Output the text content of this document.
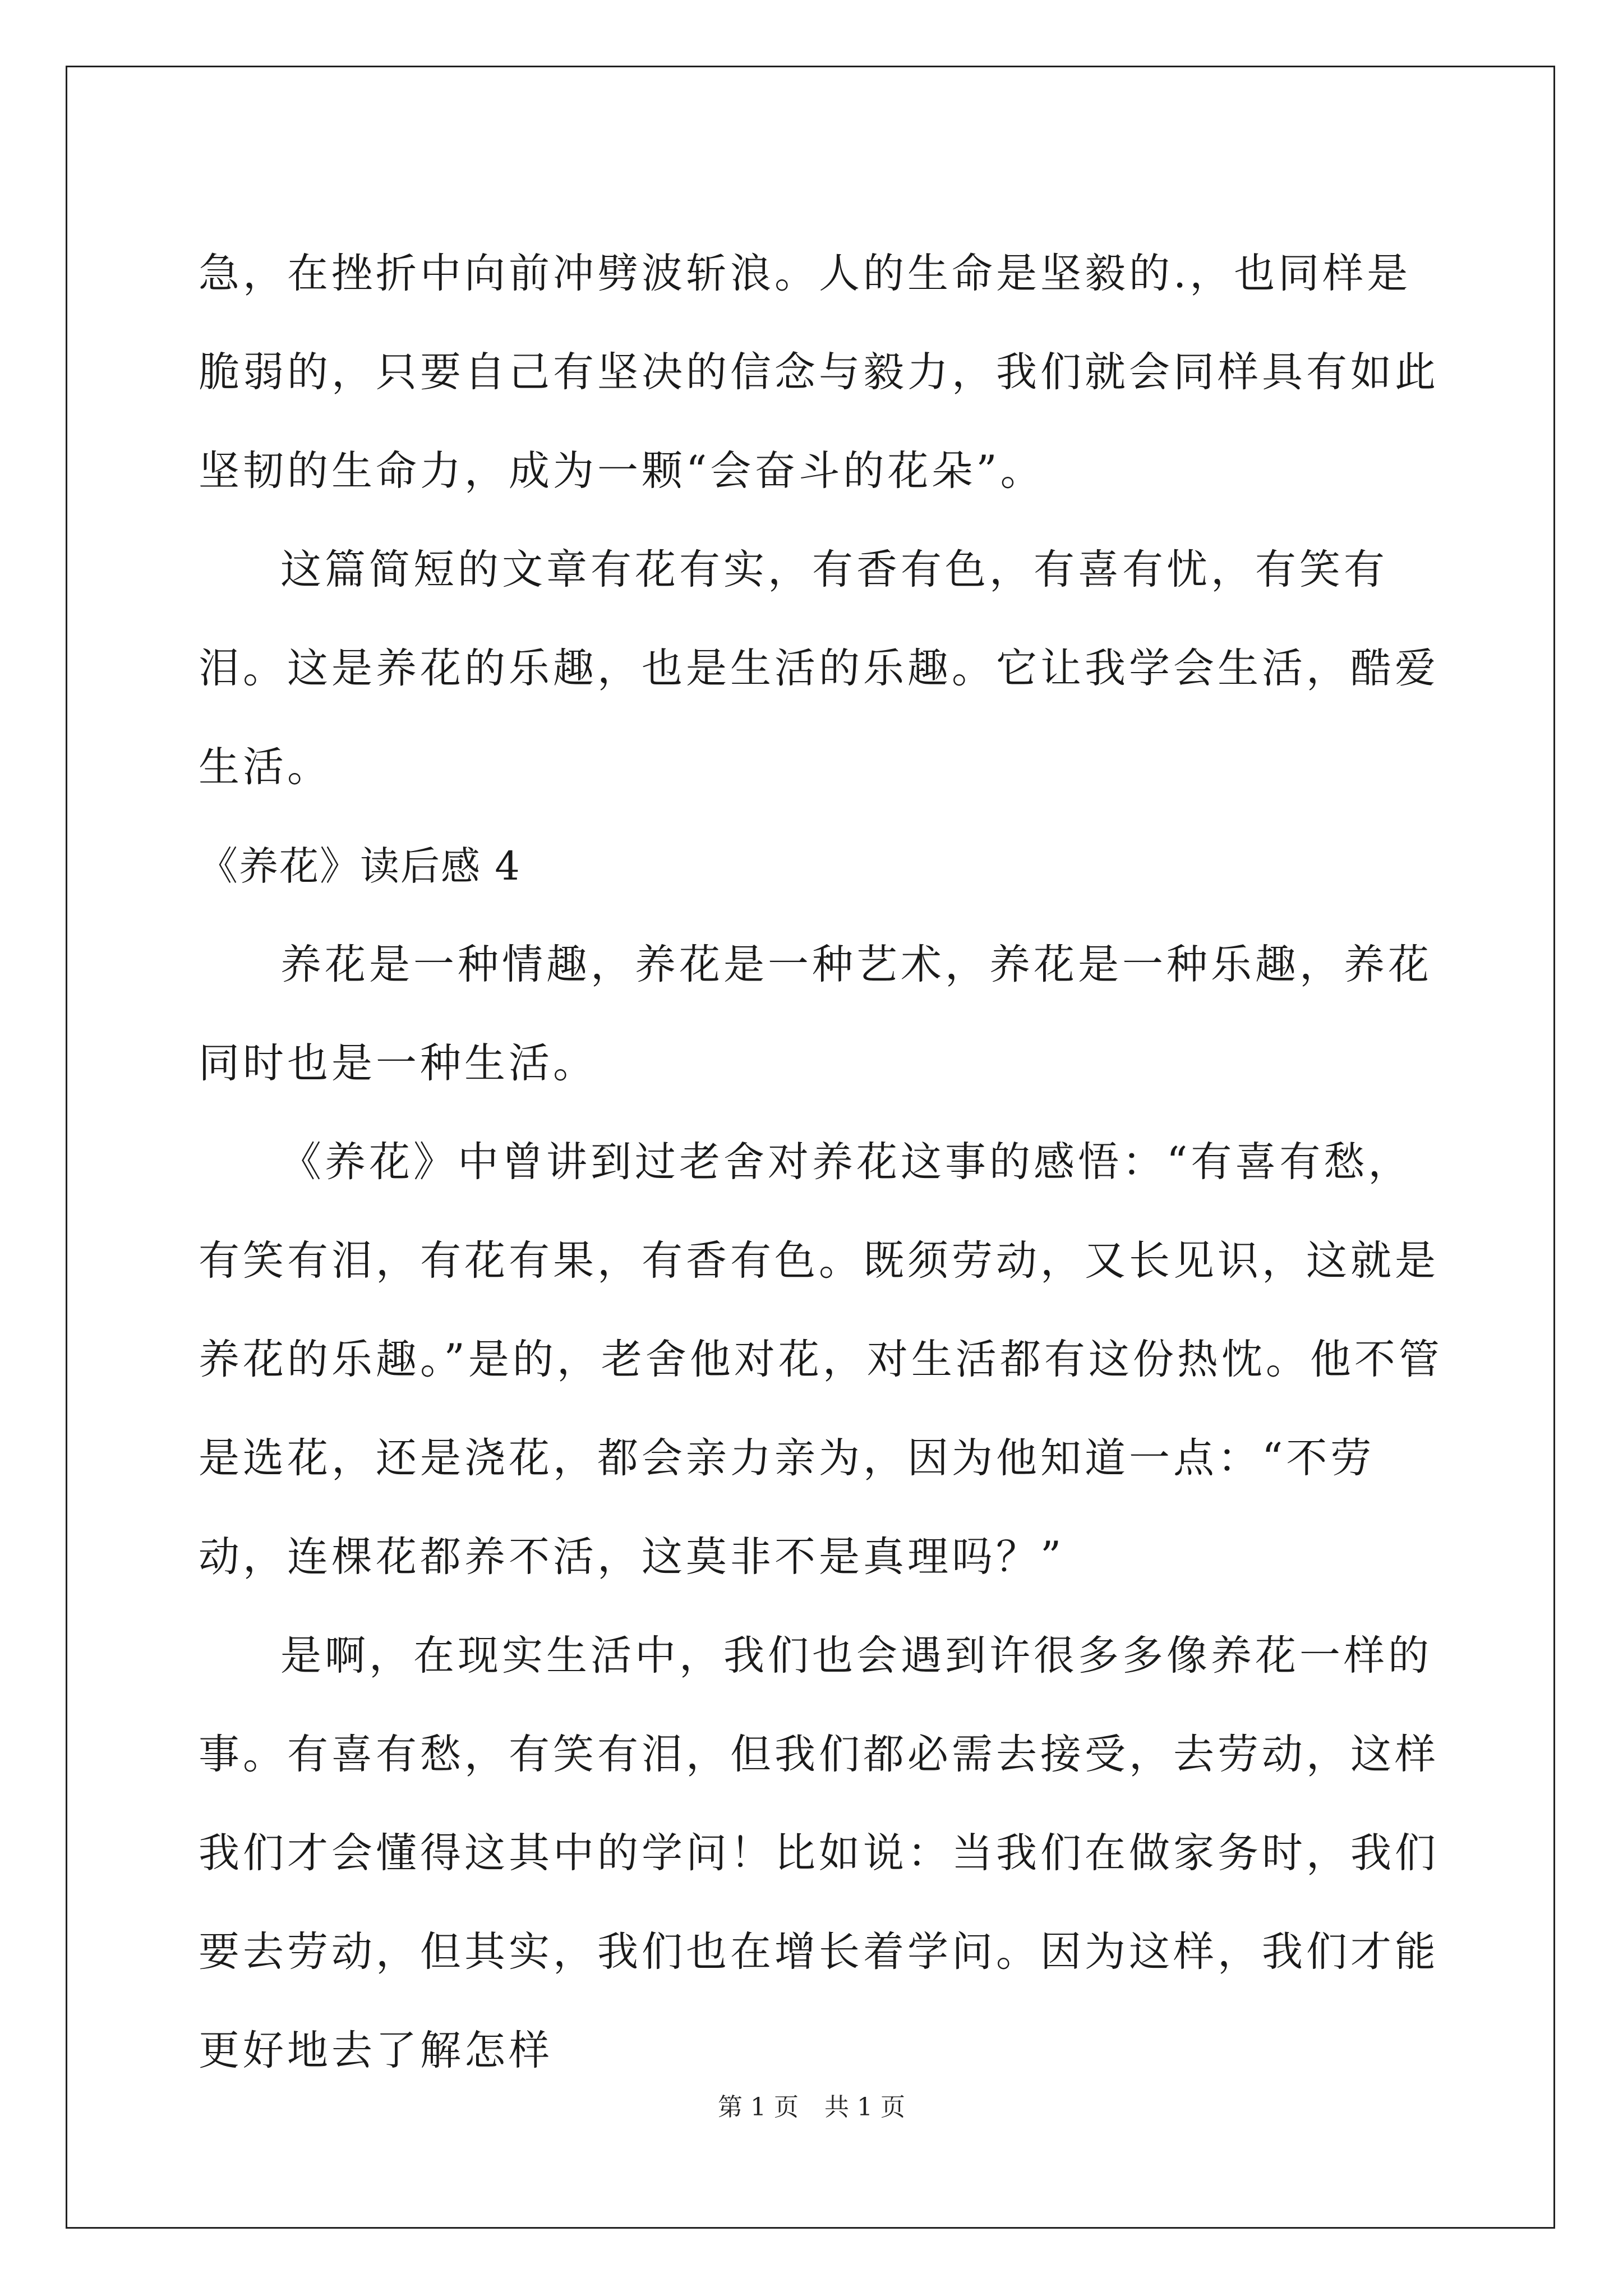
急，在挫折中向前冲劈波斩浪。人的生命是坚毅的.，也同样是脆弱的，只要自己有坚决的信念与毅力，我们就会同样具有如此坚韧的生命力，成为一颗“会奋斗的花朵”。

这篇简短的文章有花有实，有香有色，有喜有忧，有笑有泪。这是养花的乐趣，也是生活的乐趣。它让我学会生活，酷爱生活。

《养花》读后感 4

养花是一种情趣，养花是一种艺术，养花是一种乐趣，养花同时也是一种生活。

《养花》中曾讲到过老舍对养花这事的感悟：“有喜有愁，有笑有泪，有花有果，有香有色。既须劳动，又长见识，这就是养花的乐趣。”是的，老舍他对花，对生活都有这份热忱。他不管是选花，还是浇花，都会亲力亲为，因为他知道一点：“不劳动，连棵花都养不活，这莫非不是真理吗？”

是啊，在现实生活中，我们也会遇到许很多多像养花一样的事。有喜有愁，有笑有泪，但我们都必需去接受，去劳动，这样我们才会懂得这其中的学问！比如说：当我们在做家务时，我们要去劳动，但其实，我们也在增长着学问。因为这样，我们才能更好地去了解怎样

第 1 页 共 1 页
